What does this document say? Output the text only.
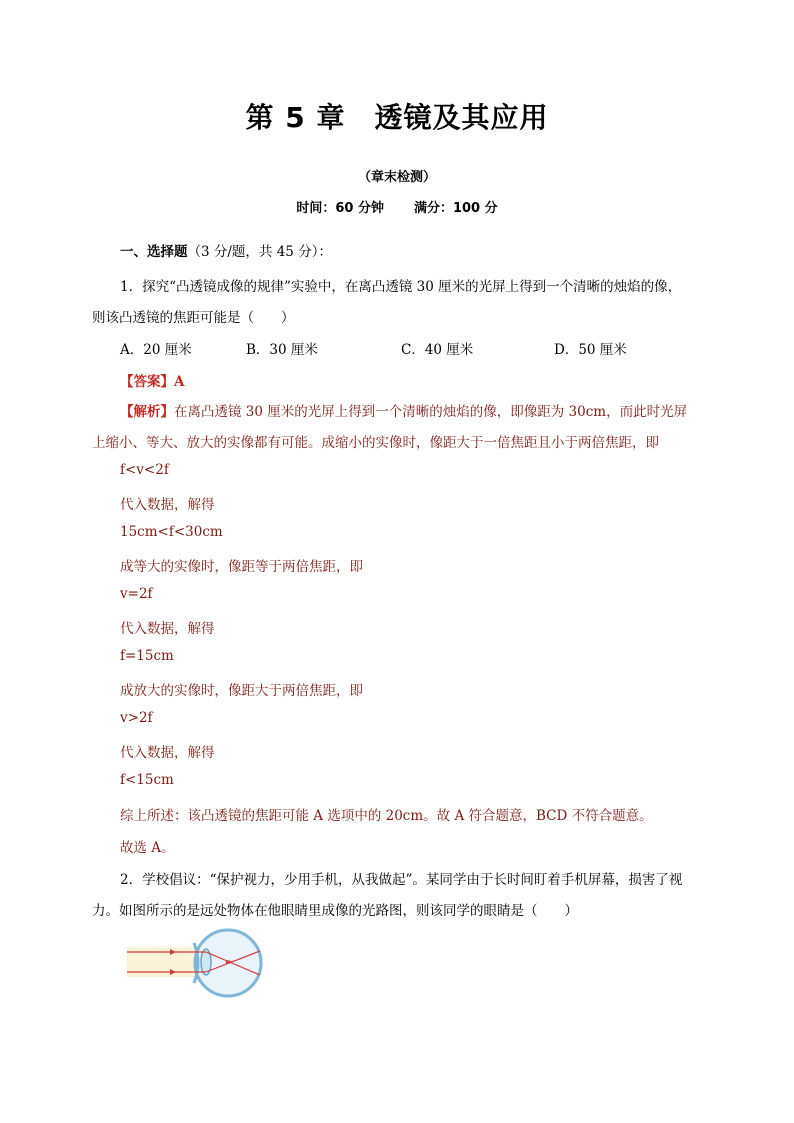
第 5 章　透镜及其应用
（章末检测）
时间：60 分钟 满分：100 分
一、选择题（3 分/题，共 45 分）：
1．探究“凸透镜成像的规律”实验中，在离凸透镜 30 厘米的光屏上得到一个清晰的烛焰的像，
则该凸透镜的焦距可能是（　　）
A．20 厘米	B．30 厘米	C．40 厘米	D．50 厘米
【答案】A
【解析】在离凸透镜 30 厘米的光屏上得到一个清晰的烛焰的像，即像距为 30cm，而此时光屏
上缩小、等大、放大的实像都有可能。成缩小的实像时，像距大于一倍焦距且小于两倍焦距，即
f<v<2f
代入数据，解得
15cm<f<30cm
成等大的实像时，像距等于两倍焦距，即
v=2f
代入数据，解得
f=15cm
成放大的实像时，像距大于两倍焦距，即
v>2f
代入数据，解得
f<15cm
综上所述：该凸透镜的焦距可能 A 选项中的 20cm。故 A 符合题意，BCD 不符合题意。
故选 A。
2．学校倡议：“保护视力，少用手机，从我做起”。某同学由于长时间盯着手机屏幕，损害了视
力。如图所示的是远处物体在他眼睛里成像的光路图，则该同学的眼睛是（　　）
